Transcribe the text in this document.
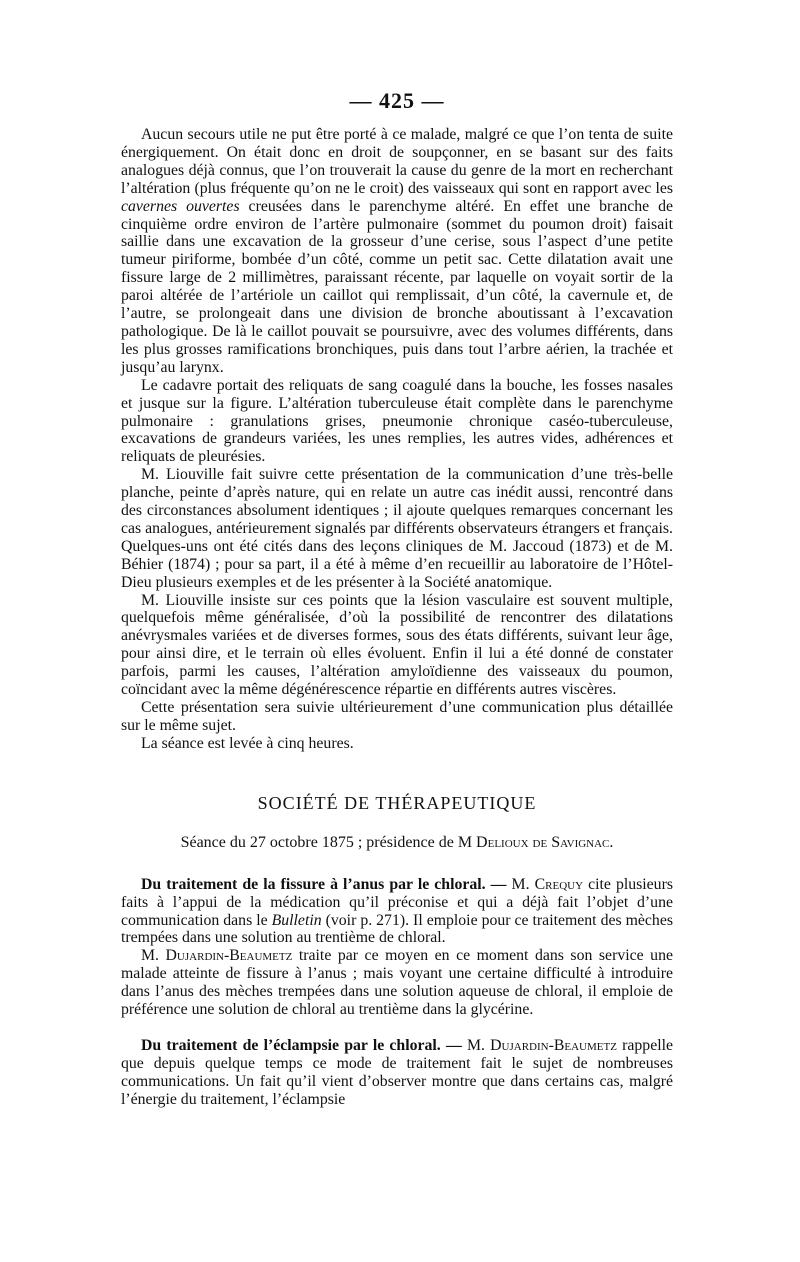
— 425 —

Aucun secours utile ne put être porté à ce malade, malgré ce que l’on tenta de suite énergiquement. On était donc en droit de soupçonner, en se basant sur des faits analogues déjà connus, que l’on trouverait la cause du genre de la mort en recherchant l’altération (plus fréquente qu’on ne le croit) des vaisseaux qui sont en rapport avec les cavernes ouvertes creusées dans le parenchyme altéré. En effet une branche de cinquième ordre environ de l’artère pulmonaire (sommet du poumon droit) faisait saillie dans une excavation de la grosseur d’une cerise, sous l’aspect d’une petite tumeur piriforme, bombée d’un côté, comme un petit sac. Cette dilatation avait une fissure large de 2 millimètres, paraissant récente, par laquelle on voyait sortir de la paroi altérée de l’artériole un caillot qui remplissait, d’un côté, la cavernule et, de l’autre, se prolongeait dans une division de bronche aboutissant à l’excavation pathologique. De là le caillot pouvait se poursuivre, avec des volumes différents, dans les plus grosses ramifications bronchiques, puis dans tout l’arbre aérien, la trachée et jusqu’au larynx.

Le cadavre portait des reliquats de sang coagulé dans la bouche, les fosses nasales et jusque sur la figure. L’altération tuberculeuse était complète dans le parenchyme pulmonaire : granulations grises, pneumonie chronique caséo-tuberculeuse, excavations de grandeurs variées, les unes remplies, les autres vides, adhérences et reliquats de pleurésies.

M. Liouville fait suivre cette présentation de la communication d’une très-belle planche, peinte d’après nature, qui en relate un autre cas inédit aussi, rencontré dans des circonstances absolument identiques ; il ajoute quelques remarques concernant les cas analogues, antérieurement signalés par différents observateurs étrangers et français. Quelques-uns ont été cités dans des leçons cliniques de M. Jaccoud (1873) et de M. Béhier (1874) ; pour sa part, il a été à même d’en recueillir au laboratoire de l’Hôtel-Dieu plusieurs exemples et de les présenter à la Société anatomique.

M. Liouville insiste sur ces points que la lésion vasculaire est souvent multiple, quelquefois même généralisée, d’où la possibilité de rencontrer des dilatations anévrysmales variées et de diverses formes, sous des états différents, suivant leur âge, pour ainsi dire, et le terrain où elles évoluent. Enfin il lui a été donné de constater parfois, parmi les causes, l’altération amyloïdienne des vaisseaux du poumon, coïncidant avec la même dégénérescence répartie en différents autres viscères.

Cette présentation sera suivie ultérieurement d’une communication plus détaillée sur le même sujet.

La séance est levée à cinq heures.

SOCIÉTÉ DE THÉRAPEUTIQUE
Séance du 27 octobre 1875 ; présidence de M Delioux de Savignac.

Du traitement de la fissure à l’anus par le chloral. — M. Crequy cite plusieurs faits à l’appui de la médication qu’il préconise et qui a déjà fait l’objet d’une communication dans le Bulletin (voir p. 271). Il emploie pour ce traitement des mèches trempées dans une solution au trentième de chloral.

M. Dujardin-Beaumetz traite par ce moyen en ce moment dans son service une malade atteinte de fissure à l’anus ; mais voyant une certaine difficulté à introduire dans l’anus des mèches trempées dans une solution aqueuse de chloral, il emploie de préférence une solution de chloral au trentième dans la glycérine.

Du traitement de l’éclampsie par le chloral. — M. Dujardin-Beaumetz rappelle que depuis quelque temps ce mode de traitement fait le sujet de nombreuses communications. Un fait qu’il vient d’observer montre que dans certains cas, malgré l’énergie du traitement, l’éclampsie
